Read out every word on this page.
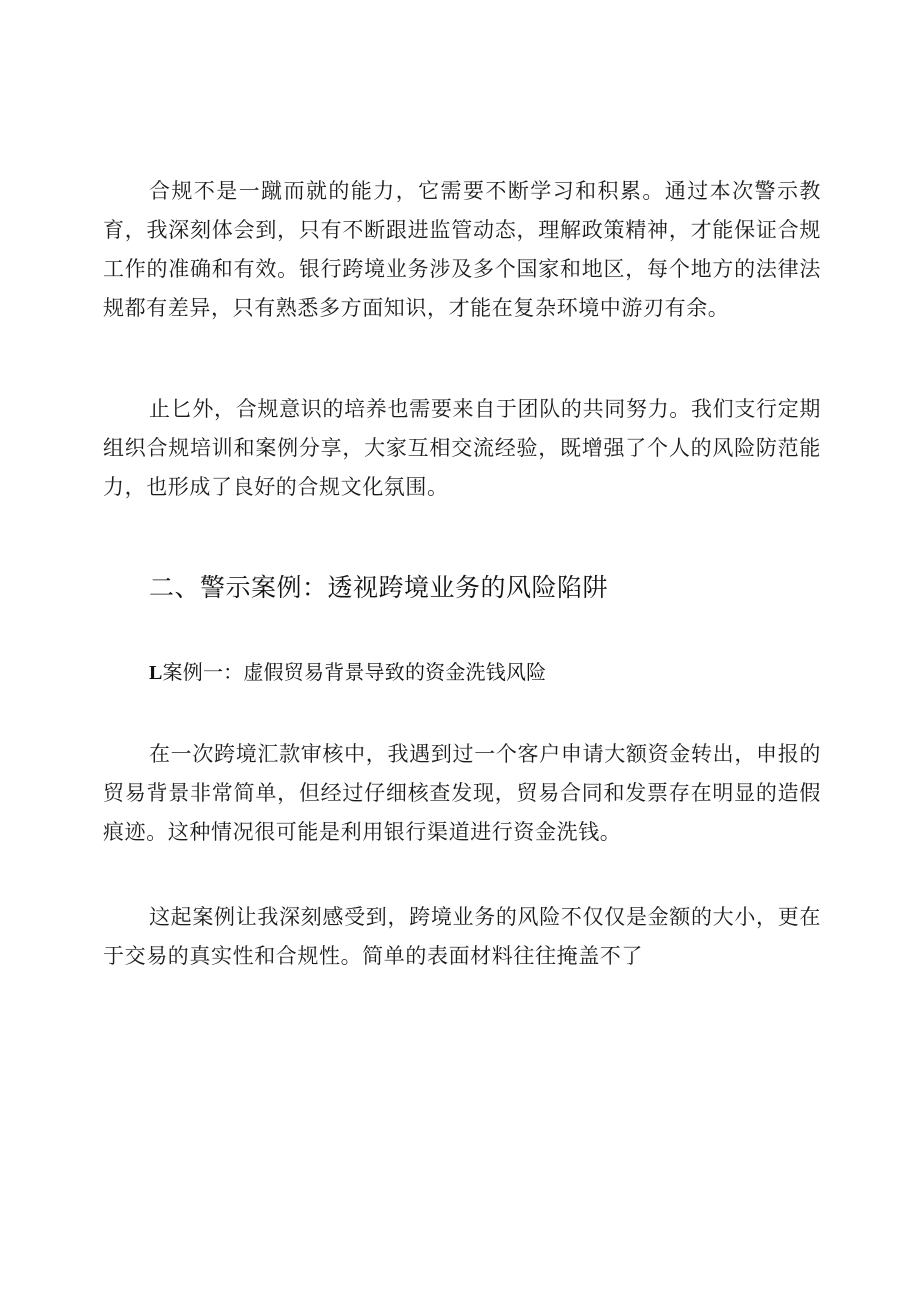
合规不是一蹴而就的能力，它需要不断学习和积累。通过本次警示教育，我深刻体会到，只有不断跟进监管动态，理解政策精神，才能保证合规工作的准确和有效。银行跨境业务涉及多个国家和地区，每个地方的法律法规都有差异，只有熟悉多方面知识，才能在复杂环境中游刃有余。

止匕外，合规意识的培养也需要来自于团队的共同努力。我们支行定期组织合规培训和案例分享，大家互相交流经验，既增强了个人的风险防范能力，也形成了良好的合规文化氛围。

二、警示案例：透视跨境业务的风险陷阱
L案例一：虚假贸易背景导致的资金洗钱风险

在一次跨境汇款审核中，我遇到过一个客户申请大额资金转出，申报的贸易背景非常简单，但经过仔细核查发现，贸易合同和发票存在明显的造假痕迹。这种情况很可能是利用银行渠道进行资金洗钱。

这起案例让我深刻感受到，跨境业务的风险不仅仅是金额的大小，更在于交易的真实性和合规性。简单的表面材料往往掩盖不了
